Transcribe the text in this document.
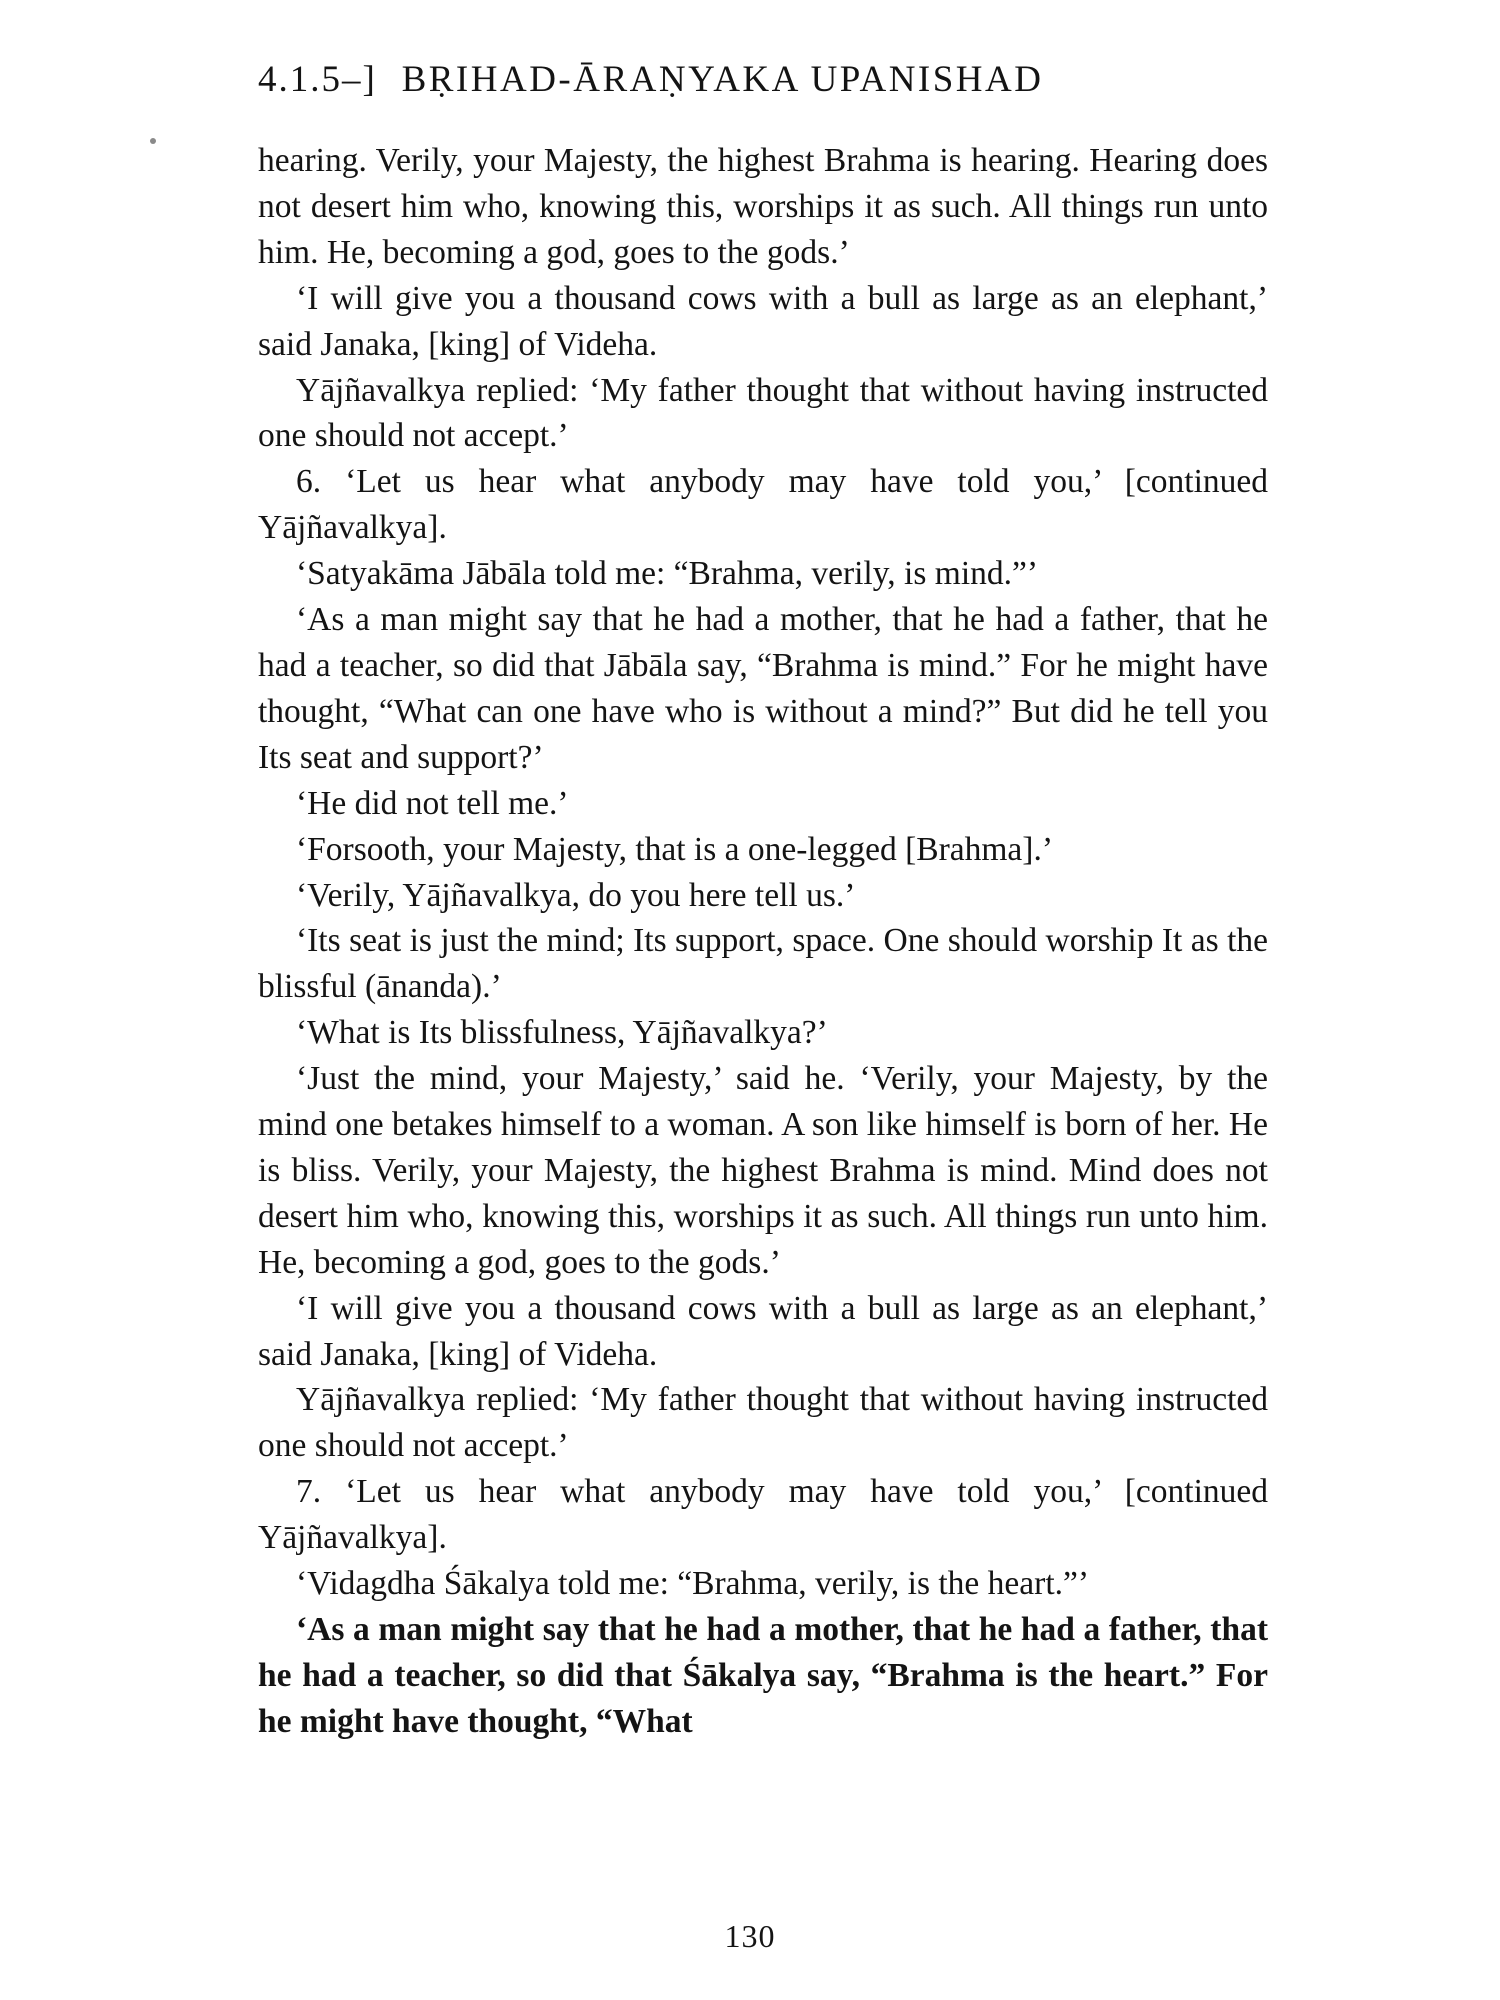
4.1.5–] BṚIHAD-ĀRAṆYAKA UPANISHAD

hearing. Verily, your Majesty, the highest Brahma is hearing. Hearing does not desert him who, knowing this, worships it as such. All things run unto him. He, becoming a god, goes to the gods.’

‘I will give you a thousand cows with a bull as large as an elephant,’ said Janaka, [king] of Videha.

Yājñavalkya replied: ‘My father thought that without having instructed one should not accept.’

6. ‘Let us hear what anybody may have told you,’ [continued Yājñavalkya].

‘Satyakāma Jābāla told me: “Brahma, verily, is mind.”’

‘As a man might say that he had a mother, that he had a father, that he had a teacher, so did that Jābāla say, “Brahma is mind.” For he might have thought, “What can one have who is without a mind?” But did he tell you Its seat and support?’

‘He did not tell me.’

‘Forsooth, your Majesty, that is a one-legged [Brahma].’

‘Verily, Yājñavalkya, do you here tell us.’

‘Its seat is just the mind; Its support, space. One should worship It as the blissful (ānanda).’

‘What is Its blissfulness, Yājñavalkya?’

‘Just the mind, your Majesty,’ said he. ‘Verily, your Majesty, by the mind one betakes himself to a woman. A son like himself is born of her. He is bliss. Verily, your Majesty, the highest Brahma is mind. Mind does not desert him who, knowing this, worships it as such. All things run unto him. He, becoming a god, goes to the gods.’

‘I will give you a thousand cows with a bull as large as an elephant,’ said Janaka, [king] of Videha.

Yājñavalkya replied: ‘My father thought that without having instructed one should not accept.’

7. ‘Let us hear what anybody may have told you,’ [continued Yājñavalkya].

‘Vidagdha Śākalya told me: “Brahma, verily, is the heart.”’

‘As a man might say that he had a mother, that he had a father, that he had a teacher, so did that Śākalya say, “Brahma is the heart.” For he might have thought, “What

130
